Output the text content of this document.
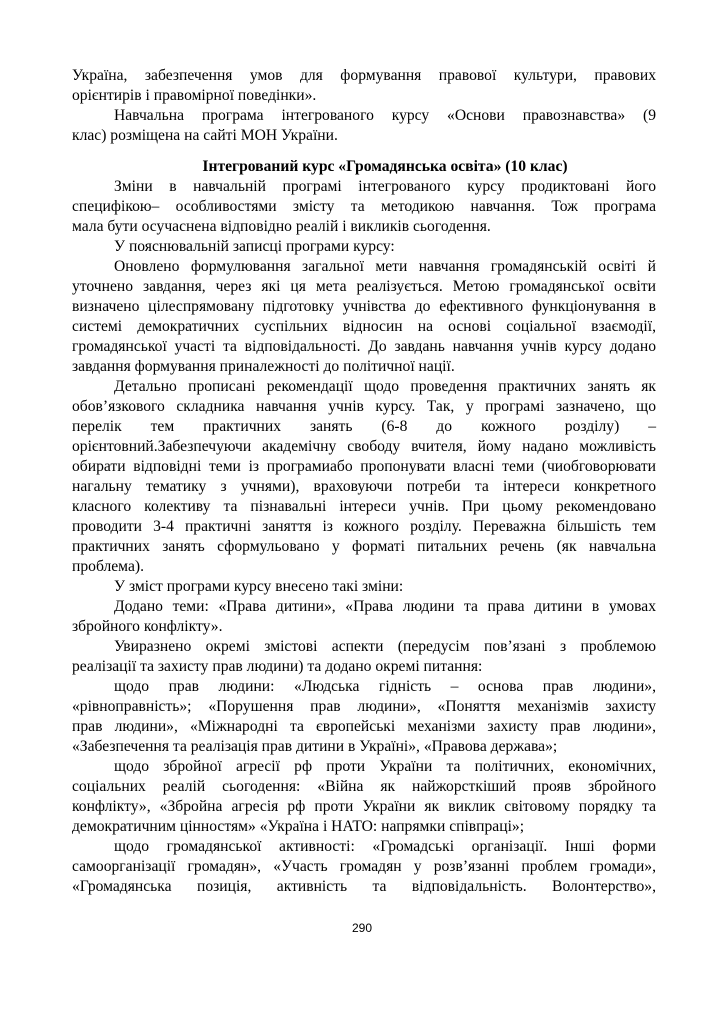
Україна, забезпечення умов для формування правової культури, правових
орієнтирів і правомірної поведінки».
Навчальна програма інтегрованого курсу «Основи правознавства» (9
клас) розміщена на сайті МОН України.
Інтегрований курс «Громадянська освіта» (10 клас)
Зміни в навчальній програмі інтегрованого курсу продиктовані його
специфікою– особливостями змісту та методикою навчання. Тож програма
мала бути осучаснена відповідно реалій і викликів сьогодення.
У пояснювальній записці програми курсу:
Оновлено формулювання загальної мети навчання громадянській освіті й
уточнено завдання, через які ця мета реалізується. Метою громадянської освіти
визначено цілеспрямовану підготовку учнівства до ефективного функціонування в
системі демократичних суспільних відносин на основі соціальної взаємодії,
громадянської участі та відповідальності. До завдань навчання учнів курсу додано
завдання формування приналежності до політичної нації.
Детально прописані рекомендації щодо проведення практичних занять як
обов’язкового складника навчання учнів курсу. Так, у програмі зазначено, що
перелік тем практичних занять (6-8 до кожного розділу) –
орієнтовний.Забезпечуючи академічну свободу вчителя, йому надано можливість
обирати відповідні теми із програмиабо пропонувати власні теми (чиобговорювати
нагальну тематику з учнями), враховуючи потреби та інтереси конкретного
класного колективу та пізнавальні інтереси учнів. При цьому рекомендовано
проводити 3-4 практичні заняття із кожного розділу. Переважна більшість тем
практичних занять сформульовано у форматі питальних речень (як навчальна
проблема).
У зміст програми курсу внесено такі зміни:
Додано теми: «Права дитини», «Права людини та права дитини в умовах
збройного конфлікту».
Увиразнено окремі змістові аспекти (передусім пов’язані з проблемою
реалізації та захисту прав людини) та додано окремі питання:
щодо прав людини: «Людська гідність – основа прав людини»,
«рівноправність»; «Порушення прав людини», «Поняття механізмів захисту
прав людини», «Міжнародні та європейські механізми захисту прав людини»,
«Забезпечення та реалізація прав дитини в Україні», «Правова держава»;
щодо збройної агресії рф проти України та політичних, економічних,
соціальних реалій сьогодення: «Війна як найжорсткіший прояв збройного
конфлікту», «Збройна агресія рф проти України як виклик світовому порядку та
демократичним цінностям» «Україна і НАТО: напрямки співпраці»;
щодо громадянської активності: «Громадські організації. Інші форми
самоорганізації громадян», «Участь громадян у розв’язанні проблем громади»,
«Громадянська позиція, активність та відповідальність. Волонтерство»,
290
